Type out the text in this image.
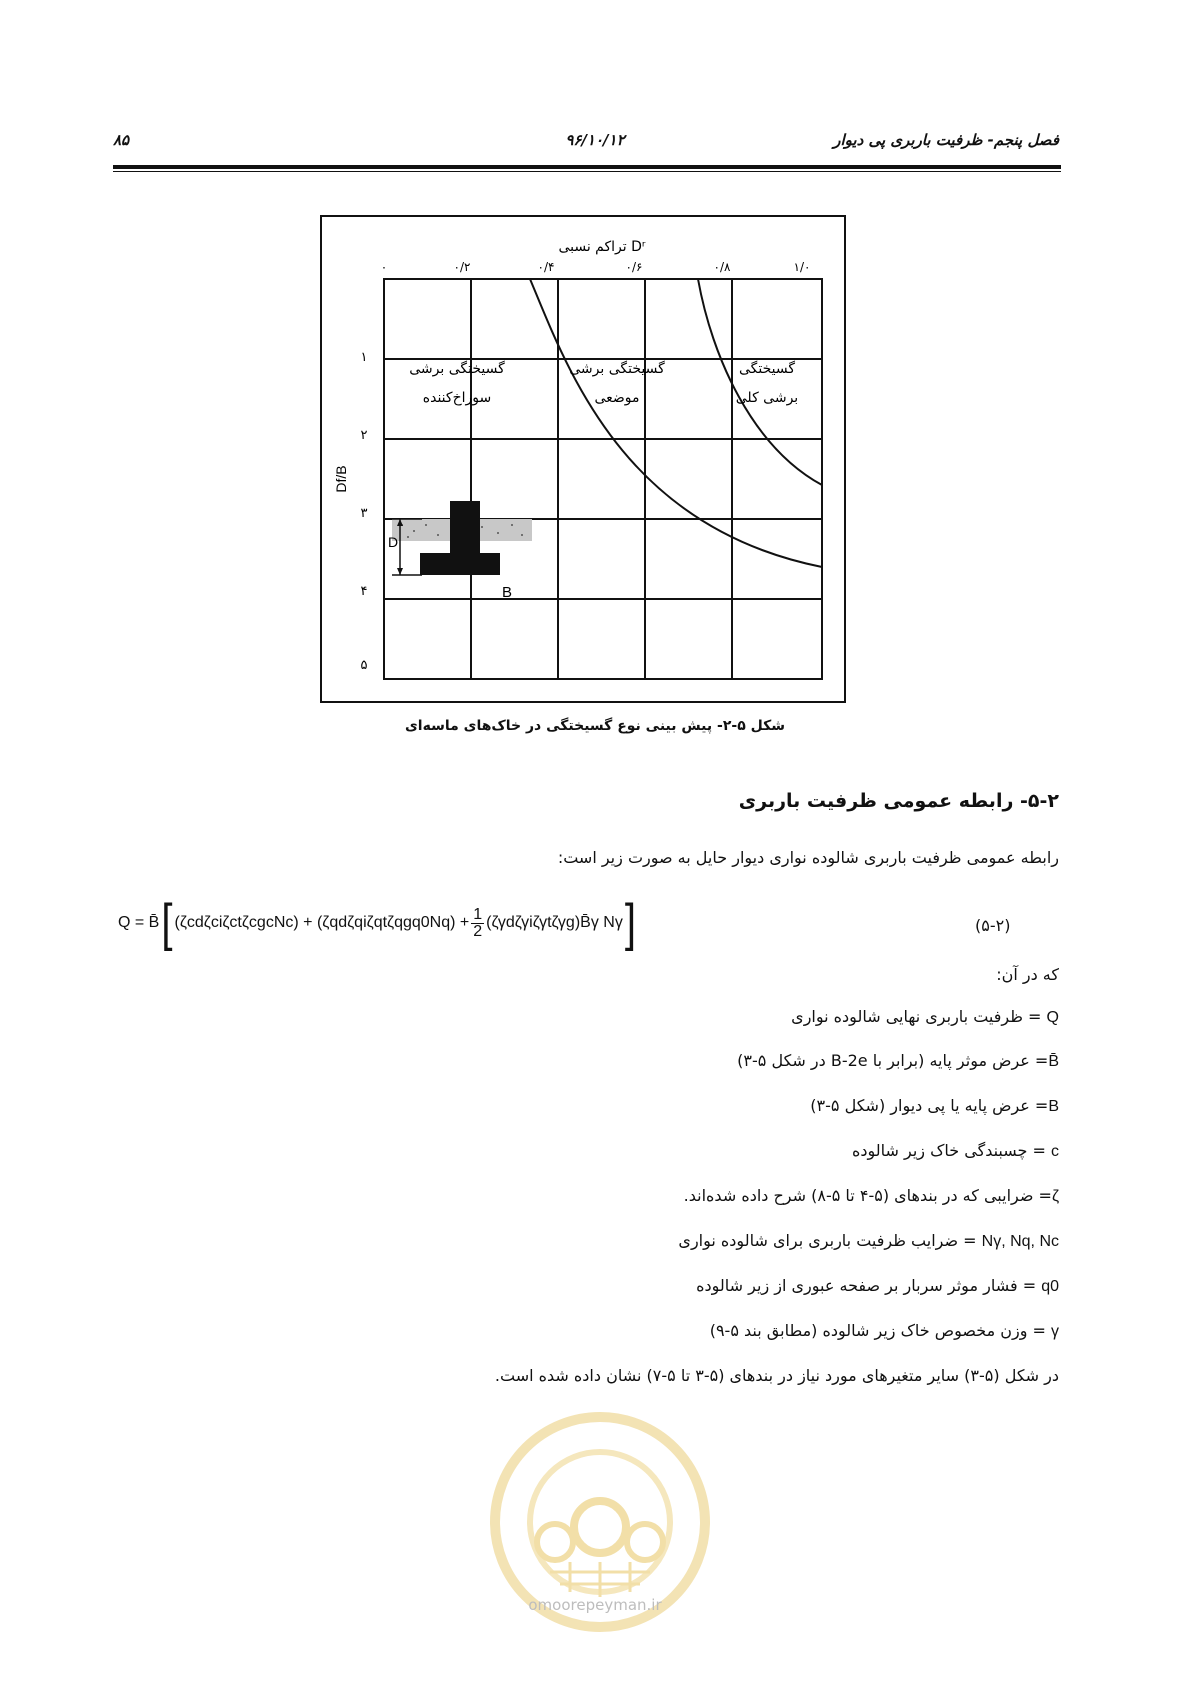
۸۵	۹۶/۱۰/۱۲	فصل پنجم- ظرفیت باربری پی دیوار
Dʳ تراکم نسبی
۰	۰/۲	۰/۴	۰/۶	۰/۸	۱/۰
۱
۲
۳
۴
۵
Df/B
گسیختگی برشی
سوراخ‌کننده
گسیختگی برشی
موضعی
گسیختگی
برشی کلی
D
B
شکل ۵-۲- پیش بینی نوع گسیختگی در خاک‌های ماسه‌ای
۵-۲- رابطه عمومی ظرفیت باربری
رابطه عمومی ظرفیت باربری شالوده نواری دیوار حایل به صورت زیر است:
Q = B̄ [ (ζcdζciζctζcgcNc) + $(\zeta qd\zeta qi\zeta qt\zeta qgq0Nq) + \frac{1}{2}$ (ζγdζγiζγtζγg)B̄γ Nγ ]	(۵-۲)
که در آن:
Q = ظرفیت باربری نهایی شالوده نواری
B̄= عرض موثر پایه (برابر با B-2e در شکل ۵-۳)
B= عرض پایه یا پی دیوار (شکل ۵-۳)
c = چسبندگی خاک زیر شالوده
ζ= ضرایبی که در بندهای (۵-۴ تا ۵-۸) شرح داده شده‌اند.
Nγ, Nq, Nc = ضرایب ظرفیت باربری برای شالوده نواری
q0 = فشار موثر سربار بر صفحه عبوری از زیر شالوده
γ = وزن مخصوص خاک زیر شالوده (مطابق بند ۵-۹)
در شکل (۵-۳) سایر متغیرهای مورد نیاز در بندهای (۵-۳ تا ۵-۷) نشان داده شده است.
omoorepeyman.ir
